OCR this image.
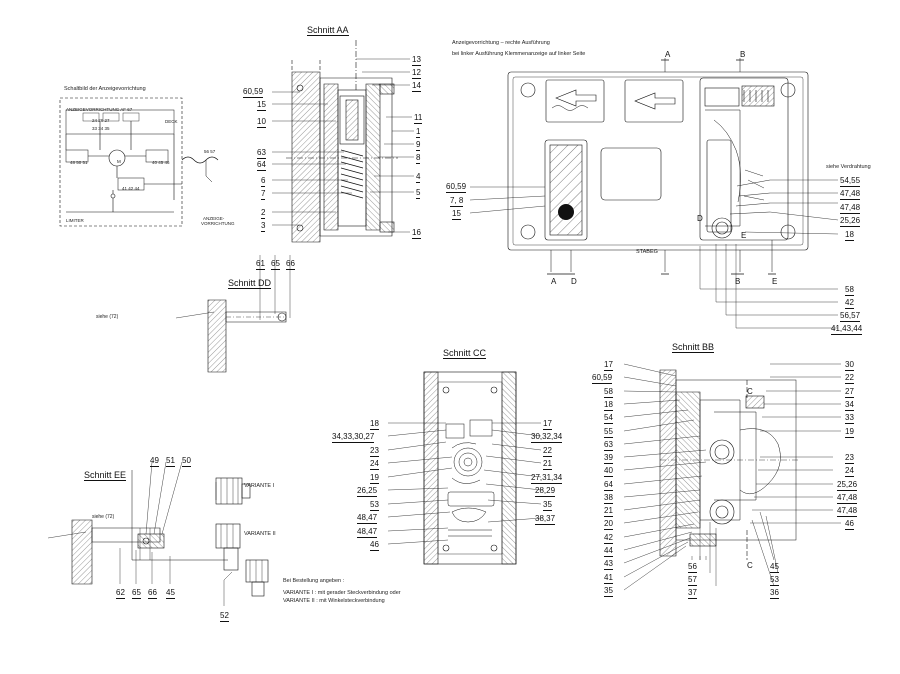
siehe (72)
siehe (72)
Schnitt AA
Schnitt DD
Schnitt CC
Schnitt BB
Schnitt EE
Schaltbild der Anzeigevorrichtung
Anzeigevorrichtung – rechte Ausführung
bei linker Ausführung Klemmenanzeige auf linker Seite
Bei Bestellung angeben :
VARIANTE I : mit gerader Steckverbindung oder
VARIANTE II : mit Winkelsteckverbindung
VARIANTE I
VARIANTE II
STABEG
siehe Verdrahtung
A	B
D
E
A D	B	E
C
C
ANZEIGEVORRICHTUNG AF 67
DECK
24 26 27
33 34 35
M
48 50 51	40 45 46
56 57
41 42 44
LIMITER	ANZEIGE-
VORRICHTUNG
60,59
15
10
63
64
6
7
2
3
13
12
14
11
1
9
8
4
5
16
60,59
7, 8
15
54,55
47,48
47,48
25,26
18
58
42
56,57
41,43,44
61 65 66
49 51 50
62 65 66 45
52
18
34,33,30,27
23
24
19
26,25
53
48,47
48,47
46
17
30,32,34
22
21
27,31,34
28,29
35
38,37
17
60,59
58
18
54
55
63
39
40
64
38
21
20
42
44
43
41
35
30
22
27
34
33
19
23
24
25,26
47,48
47,48
46
56
57
37
45
53
36
